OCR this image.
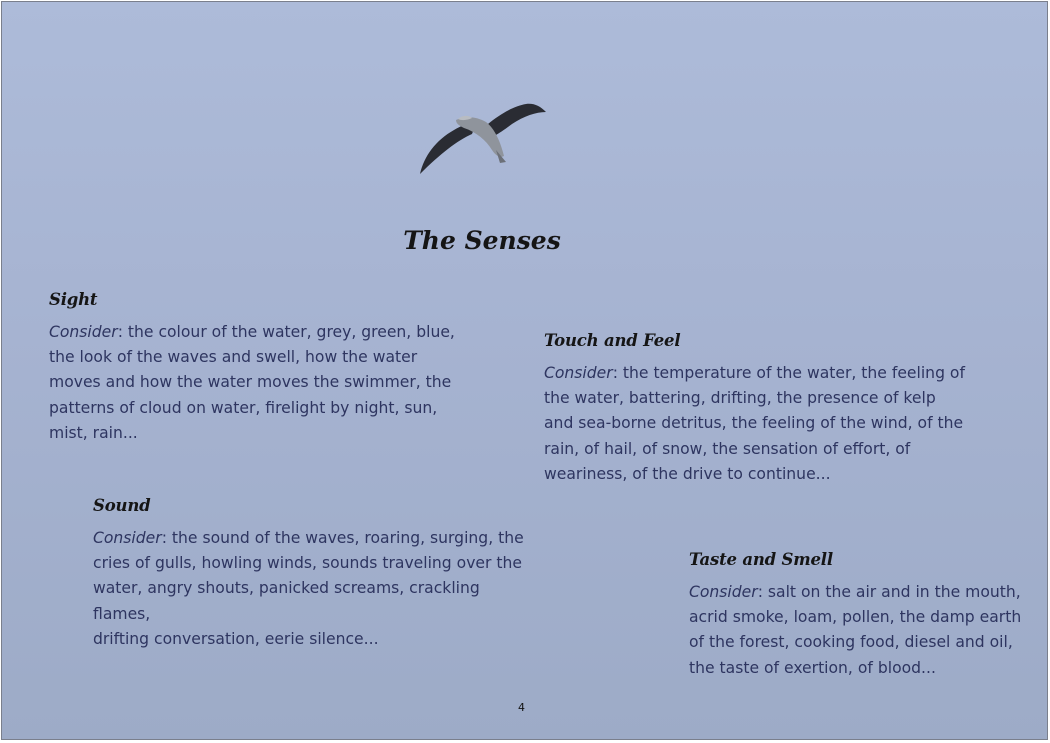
The Senses
Sight

Consider: the colour of the water, grey, green, blue,
the look of the waves and swell, how the water
moves and how the water moves the swimmer, the
patterns of cloud on water, firelight by night, sun,
mist, rain...

Touch and Feel

Consider: the temperature of the water, the feeling of
the water, battering, drifting, the presence of kelp
and sea-borne detritus, the feeling of the wind, of the
rain, of hail, of snow, the sensation of effort, of
weariness, of the drive to continue...

Sound

Consider: the sound of the waves, roaring, surging, the
cries of gulls, howling winds, sounds traveling over the
water, angry shouts, panicked screams, crackling flames,
drifting conversation, eerie silence...

Taste and Smell

Consider: salt on the air and in the mouth,
acrid smoke, loam, pollen, the damp earth
of the forest, cooking food, diesel and oil,
the taste of exertion, of blood...

4
